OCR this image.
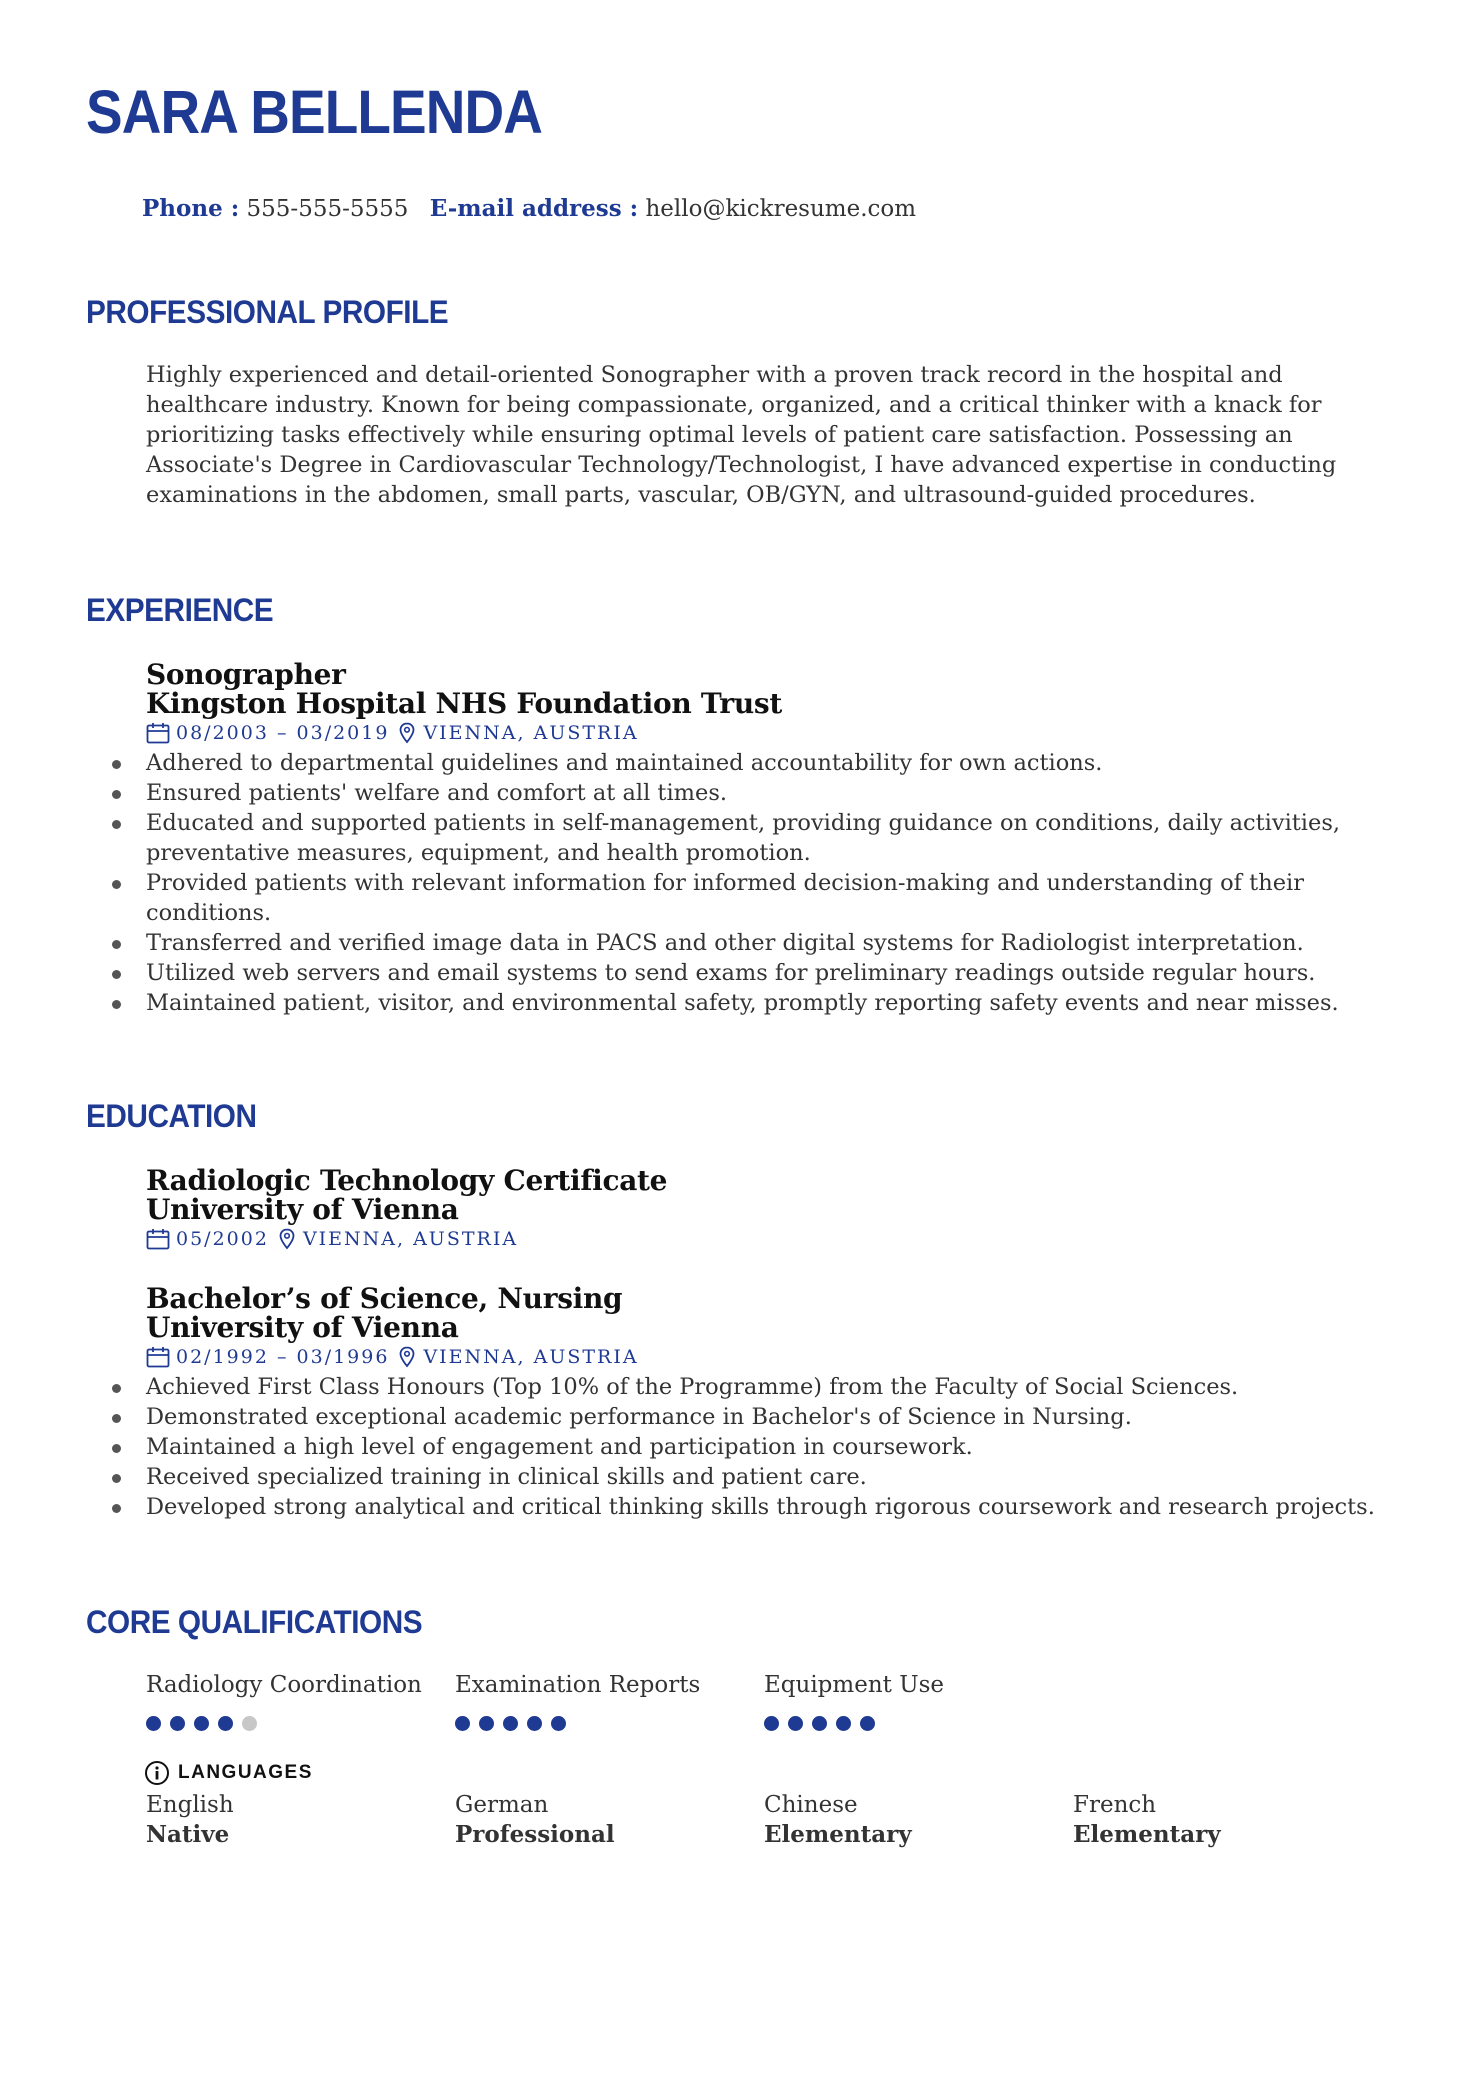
SARA BELLENDA
Phone : 555-555-5555 E-mail address : hello@kickresume.com
PROFESSIONAL PROFILE
Highly experienced and detail-oriented Sonographer with a proven track record in the hospital and healthcare industry. Known for being compassionate, organized, and a critical thinker with a knack for prioritizing tasks effectively while ensuring optimal levels of patient care satisfaction. Possessing an Associate's Degree in Cardiovascular Technology/Technologist, I have advanced expertise in conducting examinations in the abdomen, small parts, vascular, OB/GYN, and ultrasound-guided procedures.
EXPERIENCE
Sonographer
Kingston Hospital NHS Foundation Trust
08/2003 – 03/2019 VIENNA, AUSTRIA
Adhered to departmental guidelines and maintained accountability for own actions.
Ensured patients' welfare and comfort at all times.
Educated and supported patients in self-management, providing guidance on conditions, daily activities, preventative measures, equipment, and health promotion.
Provided patients with relevant information for informed decision-making and understanding of their conditions.
Transferred and verified image data in PACS and other digital systems for Radiologist interpretation.
Utilized web servers and email systems to send exams for preliminary readings outside regular hours.
Maintained patient, visitor, and environmental safety, promptly reporting safety events and near misses.
EDUCATION
Radiologic Technology Certificate
University of Vienna
05/2002 VIENNA, AUSTRIA
Bachelor’s of Science, Nursing
University of Vienna
02/1992 – 03/1996 VIENNA, AUSTRIA
Achieved First Class Honours (Top 10% of the Programme) from the Faculty of Social Sciences.
Demonstrated exceptional academic performance in Bachelor's of Science in Nursing.
Maintained a high level of engagement and participation in coursework.
Received specialized training in clinical skills and patient care.
Developed strong analytical and critical thinking skills through rigorous coursework and research projects.
CORE QUALIFICATIONS
Radiology Coordination Examination Reports	Equipment Use
LANGUAGES
English
Native
German
Professional
Chinese
Elementary
French
Elementary
